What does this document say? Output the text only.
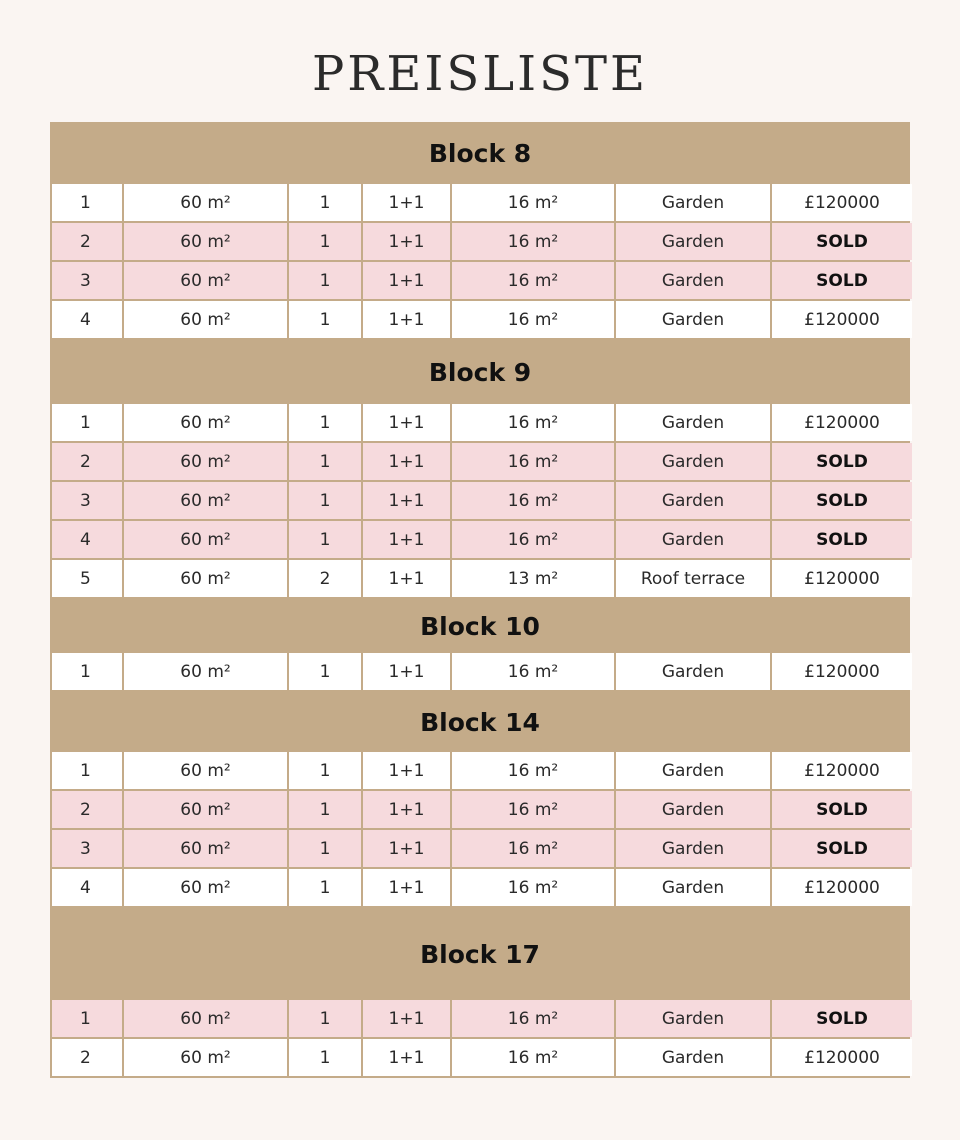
PREISLISTE
Block 8
1	60 m²	1	1+1	16 m²	Garden	£120000
2	60 m²	1	1+1	16 m²	Garden	SOLD
3	60 m²	1	1+1	16 m²	Garden	SOLD
4	60 m²	1	1+1	16 m²	Garden	£120000
Block 9
1	60 m²	1	1+1	16 m²	Garden	£120000
2	60 m²	1	1+1	16 m²	Garden	SOLD
3	60 m²	1	1+1	16 m²	Garden	SOLD
4	60 m²	1	1+1	16 m²	Garden	SOLD
5	60 m²	2	1+1	13 m²	Roof terrace	£120000
Block 10
1	60 m²	1	1+1	16 m²	Garden	£120000
Block 14
1	60 m²	1	1+1	16 m²	Garden	£120000
2	60 m²	1	1+1	16 m²	Garden	SOLD
3	60 m²	1	1+1	16 m²	Garden	SOLD
4	60 m²	1	1+1	16 m²	Garden	£120000
Block 17
1	60 m²	1	1+1	16 m²	Garden	SOLD
2	60 m²	1	1+1	16 m²	Garden	£120000
